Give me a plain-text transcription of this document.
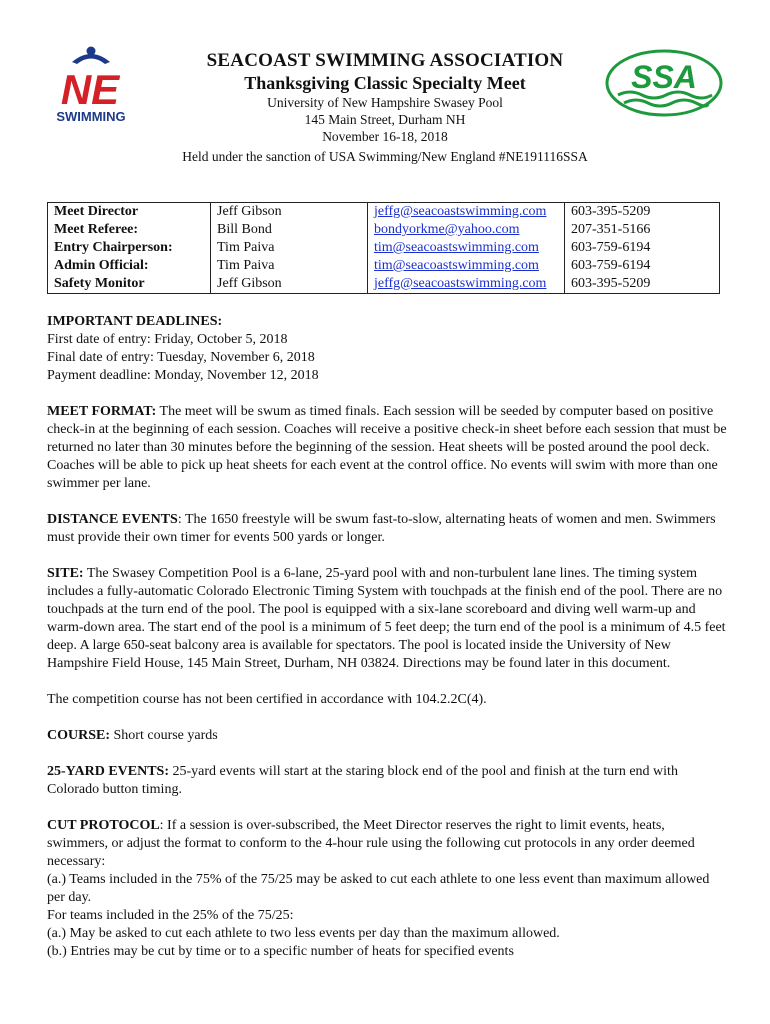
NE
SWIMMING
SSA
SEACOAST SWIMMING ASSOCIATION
Thanksgiving Classic Specialty Meet
University of New Hampshire Swasey Pool
145 Main Street, Durham NH
November 16-18, 2018
Held under the sanction of USA Swimming/New England #NE191116SSA
Meet Director	Jeff Gibson	jeffg@seacoastswimming.com	603-395-5209
Meet Referee:	Bill Bond	bondyorkme@yahoo.com	207-351-5166
Entry Chairperson:	Tim Paiva	tim@seacoastswimming.com	603-759-6194
Admin Official:	Tim Paiva	tim@seacoastswimming.com	603-759-6194
Safety Monitor	Jeff Gibson	jeffg@seacoastswimming.com	603-395-5209

IMPORTANT DEADLINES:
First date of entry: Friday, October 5, 2018
Final date of entry: Tuesday, November 6, 2018
Payment deadline: Monday, November 12, 2018

MEET FORMAT: The meet will be swum as timed finals. Each session will be seeded by computer based on positive check-in at the beginning of each session. Coaches will receive a positive check-in sheet before each session that must be returned no later than 30 minutes before the beginning of the session. Heat sheets will be posted around the pool deck. Coaches will be able to pick up heat sheets for each event at the control office. No events will swim with more than one swimmer per lane.

DISTANCE EVENTS: The 1650 freestyle will be swum fast-to-slow, alternating heats of women and men. Swimmers must provide their own timer for events 500 yards or longer.

SITE: The Swasey Competition Pool is a 6-lane, 25-yard pool with and non-turbulent lane lines. The timing system includes a fully-automatic Colorado Electronic Timing System with touchpads at the finish end of the pool. There are no touchpads at the turn end of the pool. The pool is equipped with a six-lane scoreboard and diving well warm-up and warm-down area. The start end of the pool is a minimum of 5 feet deep; the turn end of the pool is a minimum of 4.5 feet deep. A large 650-seat balcony area is available for spectators. The pool is located inside the University of New Hampshire Field House, 145 Main Street, Durham, NH 03824. Directions may be found later in this document.

The competition course has not been certified in accordance with 104.2.2C(4).

COURSE: Short course yards

25-YARD EVENTS: 25-yard events will start at the staring block end of the pool and finish at the turn end with Colorado button timing.

CUT PROTOCOL: If a session is over-subscribed, the Meet Director reserves the right to limit events, heats, swimmers, or adjust the format to conform to the 4-hour rule using the following cut protocols in any order deemed necessary:

(a.) Teams included in the 75% of the 75/25 may be asked to cut each athlete to one less event than maximum allowed per day.

For teams included in the 25% of the 75/25:

(a.) May be asked to cut each athlete to two less events per day than the maximum allowed.

(b.) Entries may be cut by time or to a specific number of heats for specified events
